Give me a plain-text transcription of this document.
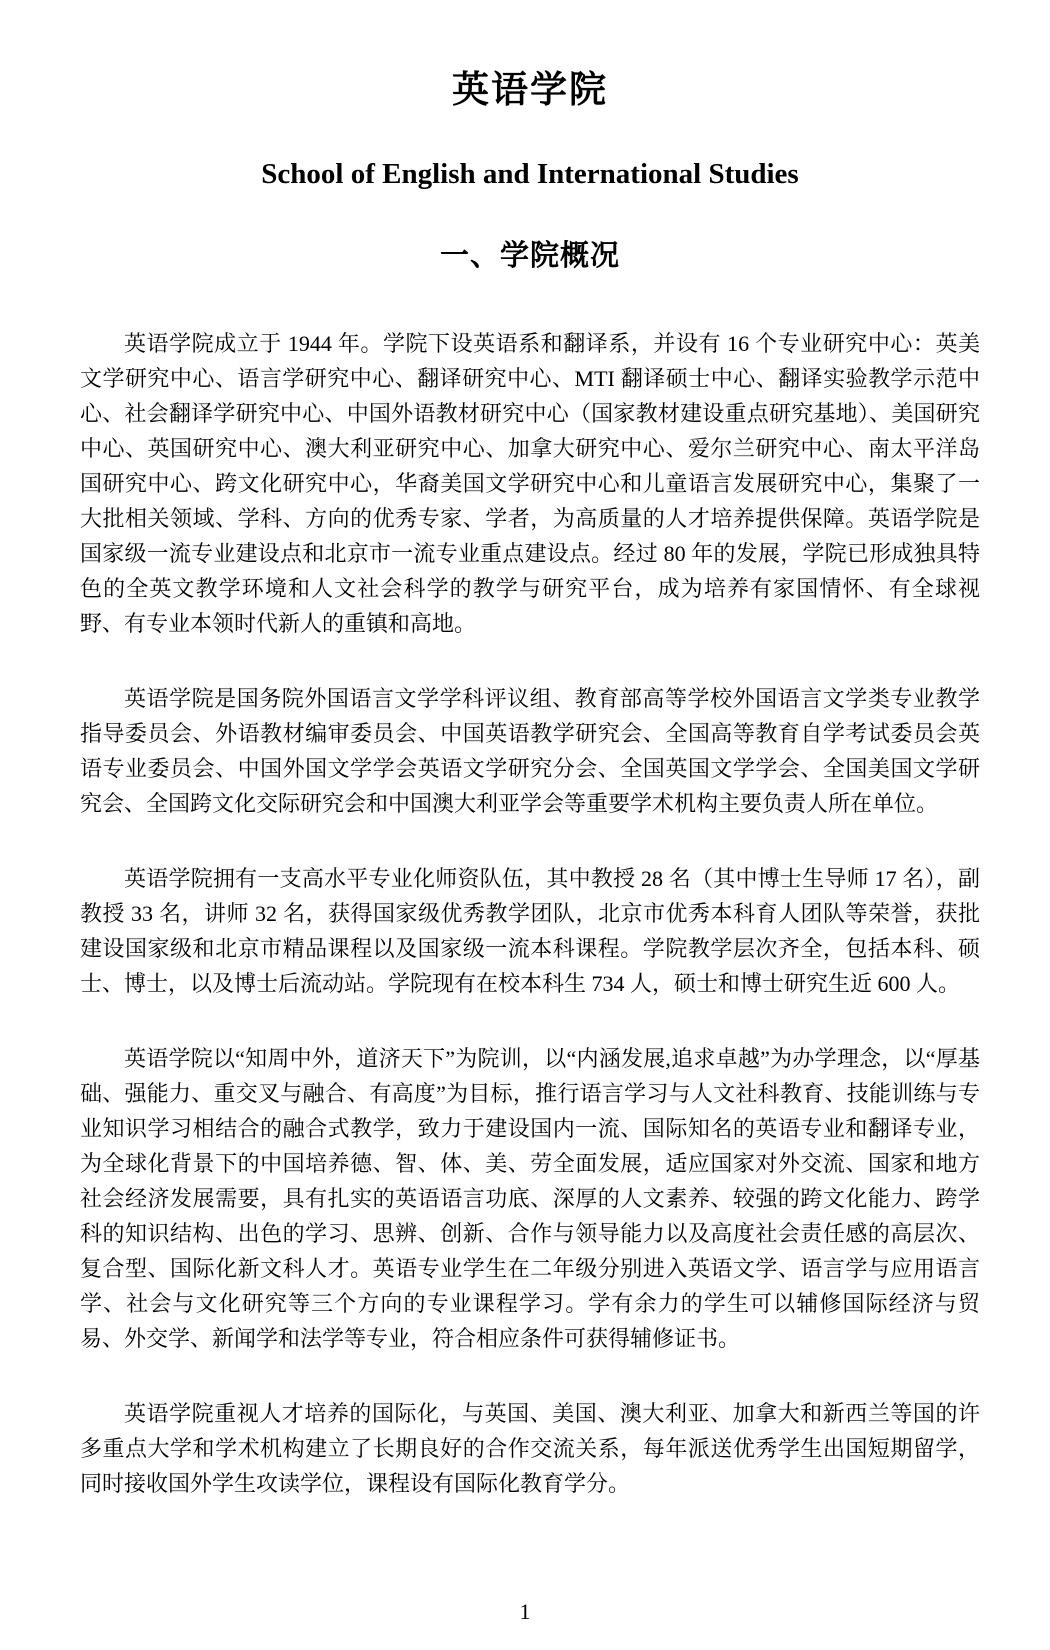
英语学院
School of English and International Studies
一、学院概况

英语学院成立于 1944 年。学院下设英语系和翻译系，并设有 16 个专业研究中心：英美文学研究中心、语言学研究中心、翻译研究中心、MTI 翻译硕士中心、翻译实验教学示范中心、社会翻译学研究中心、中国外语教材研究中心（国家教材建设重点研究基地）、美国研究中心、英国研究中心、澳大利亚研究中心、加拿大研究中心、爱尔兰研究中心、南太平洋岛国研究中心、跨文化研究中心，华裔美国文学研究中心和儿童语言发展研究中心，集聚了一大批相关领域、学科、方向的优秀专家、学者，为高质量的人才培养提供保障。英语学院是国家级一流专业建设点和北京市一流专业重点建设点。经过 80 年的发展，学院已形成独具特色的全英文教学环境和人文社会科学的教学与研究平台，成为培养有家国情怀、有全球视野、有专业本领时代新人的重镇和高地。

英语学院是国务院外国语言文学学科评议组、教育部高等学校外国语言文学类专业教学指导委员会、外语教材编审委员会、中国英语教学研究会、全国高等教育自学考试委员会英语专业委员会、中国外国文学学会英语文学研究分会、全国英国文学学会、全国美国文学研究会、全国跨文化交际研究会和中国澳大利亚学会等重要学术机构主要负责人所在单位。

英语学院拥有一支高水平专业化师资队伍，其中教授 28 名（其中博士生导师 17 名），副教授 33 名，讲师 32 名，获得国家级优秀教学团队，北京市优秀本科育人团队等荣誉，获批建设国家级和北京市精品课程以及国家级一流本科课程。学院教学层次齐全，包括本科、硕士、博士，以及博士后流动站。学院现有在校本科生 734 人，硕士和博士研究生近 600 人。

英语学院以“知周中外，道济天下”为院训，以“内涵发展,追求卓越”为办学理念，以“厚基础、强能力、重交叉与融合、有高度”为目标，推行语言学习与人文社科教育、技能训练与专业知识学习相结合的融合式教学，致力于建设国内一流、国际知名的英语专业和翻译专业，为全球化背景下的中国培养德、智、体、美、劳全面发展，适应国家对外交流、国家和地方社会经济发展需要，具有扎实的英语语言功底、深厚的人文素养、较强的跨文化能力、跨学科的知识结构、出色的学习、思辨、创新、合作与领导能力以及高度社会责任感的高层次、复合型、国际化新文科人才。英语专业学生在二年级分别进入英语文学、语言学与应用语言学、社会与文化研究等三个方向的专业课程学习。学有余力的学生可以辅修国际经济与贸易、外交学、新闻学和法学等专业，符合相应条件可获得辅修证书。

英语学院重视人才培养的国际化，与英国、美国、澳大利亚、加拿大和新西兰等国的许多重点大学和学术机构建立了长期良好的合作交流关系，每年派送优秀学生出国短期留学，同时接收国外学生攻读学位，课程设有国际化教育学分。

1
